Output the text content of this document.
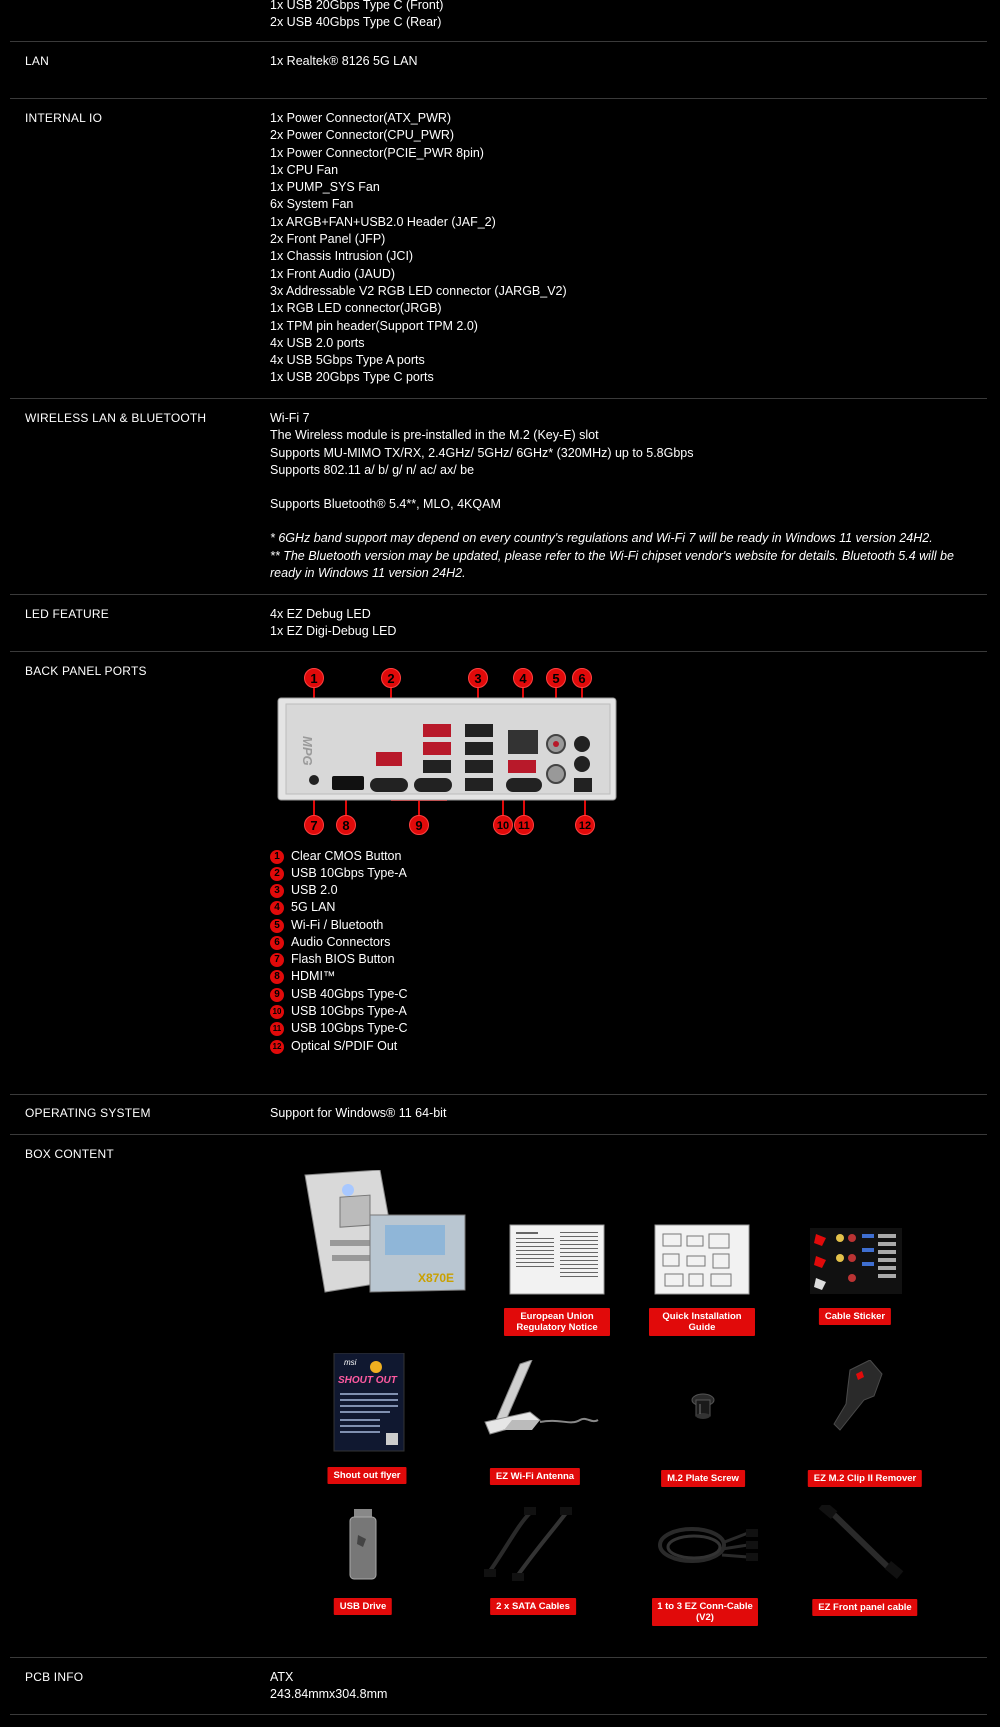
1x USB 20Gbps Type C (Front)
2x USB 40Gbps Type C (Rear)
LAN	1x Realtek® 8126 5G LAN
INTERNAL IO	1x Power Connector(ATX_PWR)
2x Power Connector(CPU_PWR)
1x Power Connector(PCIE_PWR 8pin)
1x CPU Fan
1x PUMP_SYS Fan
6x System Fan
1x ARGB+FAN+USB2.0 Header (JAF_2)
2x Front Panel (JFP)
1x Chassis Intrusion (JCI)
1x Front Audio (JAUD)
3x Addressable V2 RGB LED connector (JARGB_V2)
1x RGB LED connector(JRGB)
1x TPM pin header(Support TPM 2.0)
4x USB 2.0 ports
4x USB 5Gbps Type A ports
1x USB 20Gbps Type C ports
WIRELESS LAN & BLUETOOTH	Wi-Fi 7
The Wireless module is pre-installed in the M.2 (Key-E) slot
Supports MU-MIMO TX/RX, 2.4GHz/ 5GHz/ 6GHz* (320MHz) up to 5.8Gbps
Supports 802.11 a/ b/ g/ n/ ac/ ax/ be
Supports Bluetooth® 5.4**, MLO, 4KQAM
* 6GHz band support may depend on every country's regulations and Wi-Fi 7 will be ready in Windows 11 version 24H2.
** The Bluetooth version may be updated, please refer to the Wi-Fi chipset vendor's website for details. Bluetooth 5.4 will be ready in Windows 11 version 24H2.
LED FEATURE	4x EZ Debug LED
1x EZ Digi-Debug LED
BACK PANEL PORTS
MPG
1	2	3	4	5	6
7	8	9	10 11	12
1 Clear CMOS Button
2 USB 10Gbps Type-A
3 USB 2.0
4 5G LAN
5 Wi-Fi / Bluetooth
6 Audio Connectors
7 Flash BIOS Button
8 HDMI™
9 USB 40Gbps Type-C
10 USB 10Gbps Type-A
11 USB 10Gbps Type-C
12 Optical S/PDIF Out
OPERATING SYSTEM	Support for Windows® 11 64-bit
BOX CONTENT
X870E
European Union Regulatory Notice
Quick Installation Guide
Cable Sticker
msi
SHOUT OUT
Shout out flyer	EZ Wi-Fi Antenna	M.2 Plate Screw	EZ M.2 Clip II Remover
USB Drive	2 x SATA Cables	1 to 3 EZ Conn-Cable (V2)
EZ Front panel cable
PCB INFO	ATX
243.84mmx304.8mm
